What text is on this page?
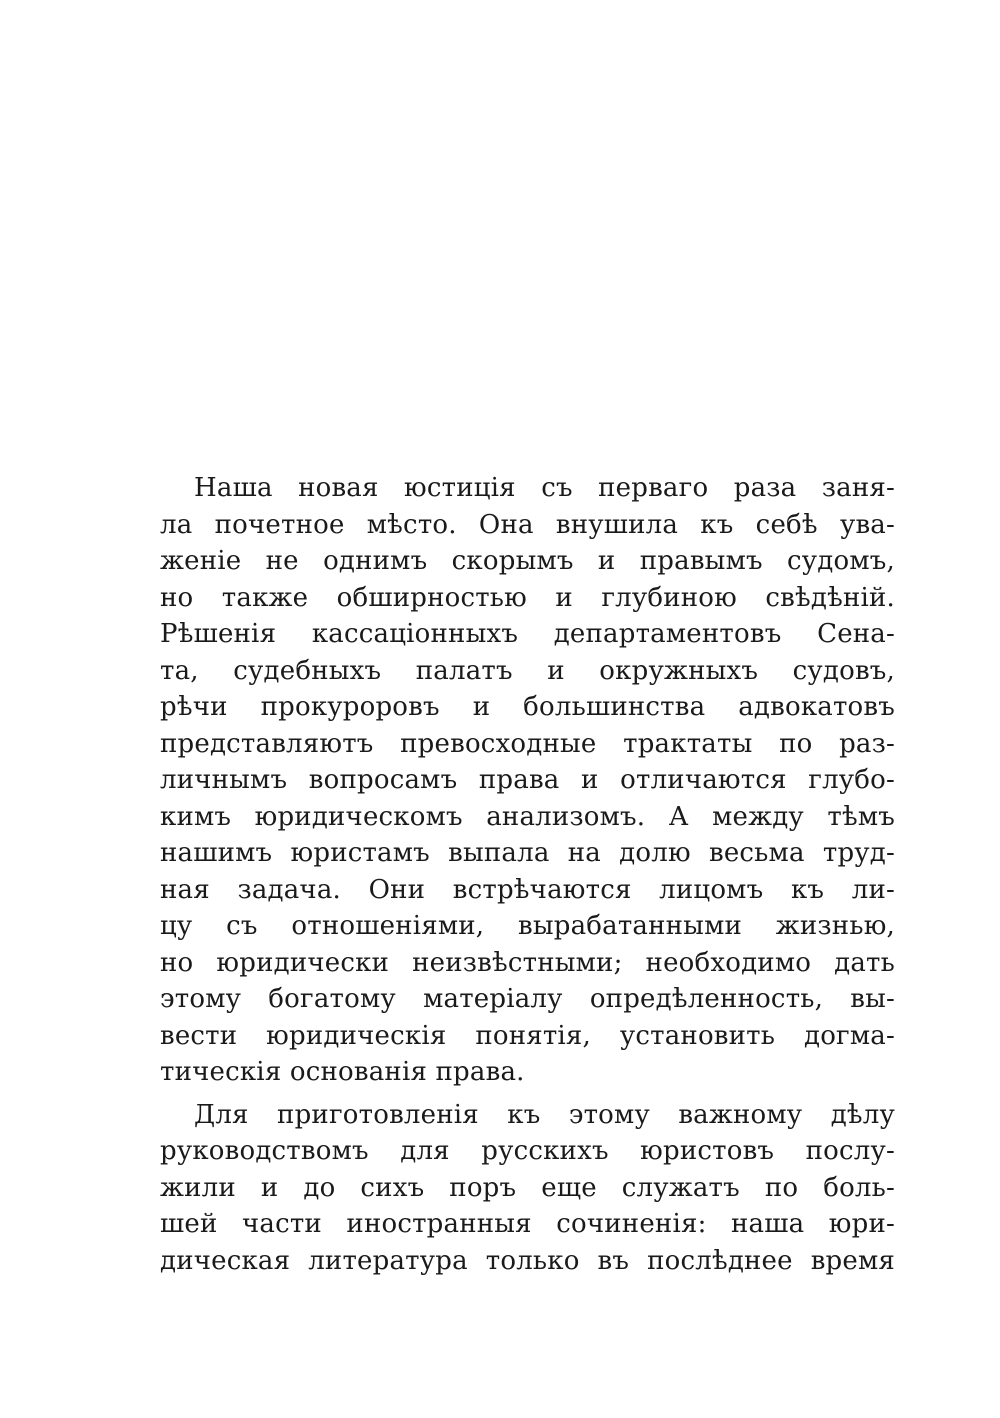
Наша новая юстиція съ перваго раза заня-
ла почетное мѣсто. Она внушила къ себѣ ува-
женіе не однимъ скорымъ и правымъ судомъ,
но также обширностью и глубиною свѣдѣній.
Рѣшенія кассаціонныхъ департаментовъ Сена-
та, судебныхъ палатъ и окружныхъ судовъ,
рѣчи прокуроровъ и большинства адвокатовъ
представляютъ превосходные трактаты по раз-
личнымъ вопросамъ права и отличаются глубо-
кимъ юридическомъ анализомъ. А между тѣмъ
нашимъ юристамъ выпала на долю весьма труд-
ная задача. Они встрѣчаются лицомъ къ ли-
цу съ отношеніями, вырабатанными жизнью,
но юридически неизвѣстными; необходимо дать
этому богатому матеріалу опредѣленность, вы-
вести юридическія понятія, установить догма-
тическія основанія права.
Для приготовленія къ этому важному дѣлу
руководствомъ для русскихъ юристовъ послу-
жили и до сихъ поръ еще служатъ по боль-
шей части иностранныя сочиненія: наша юри-
дическая литература только въ послѣднее время
